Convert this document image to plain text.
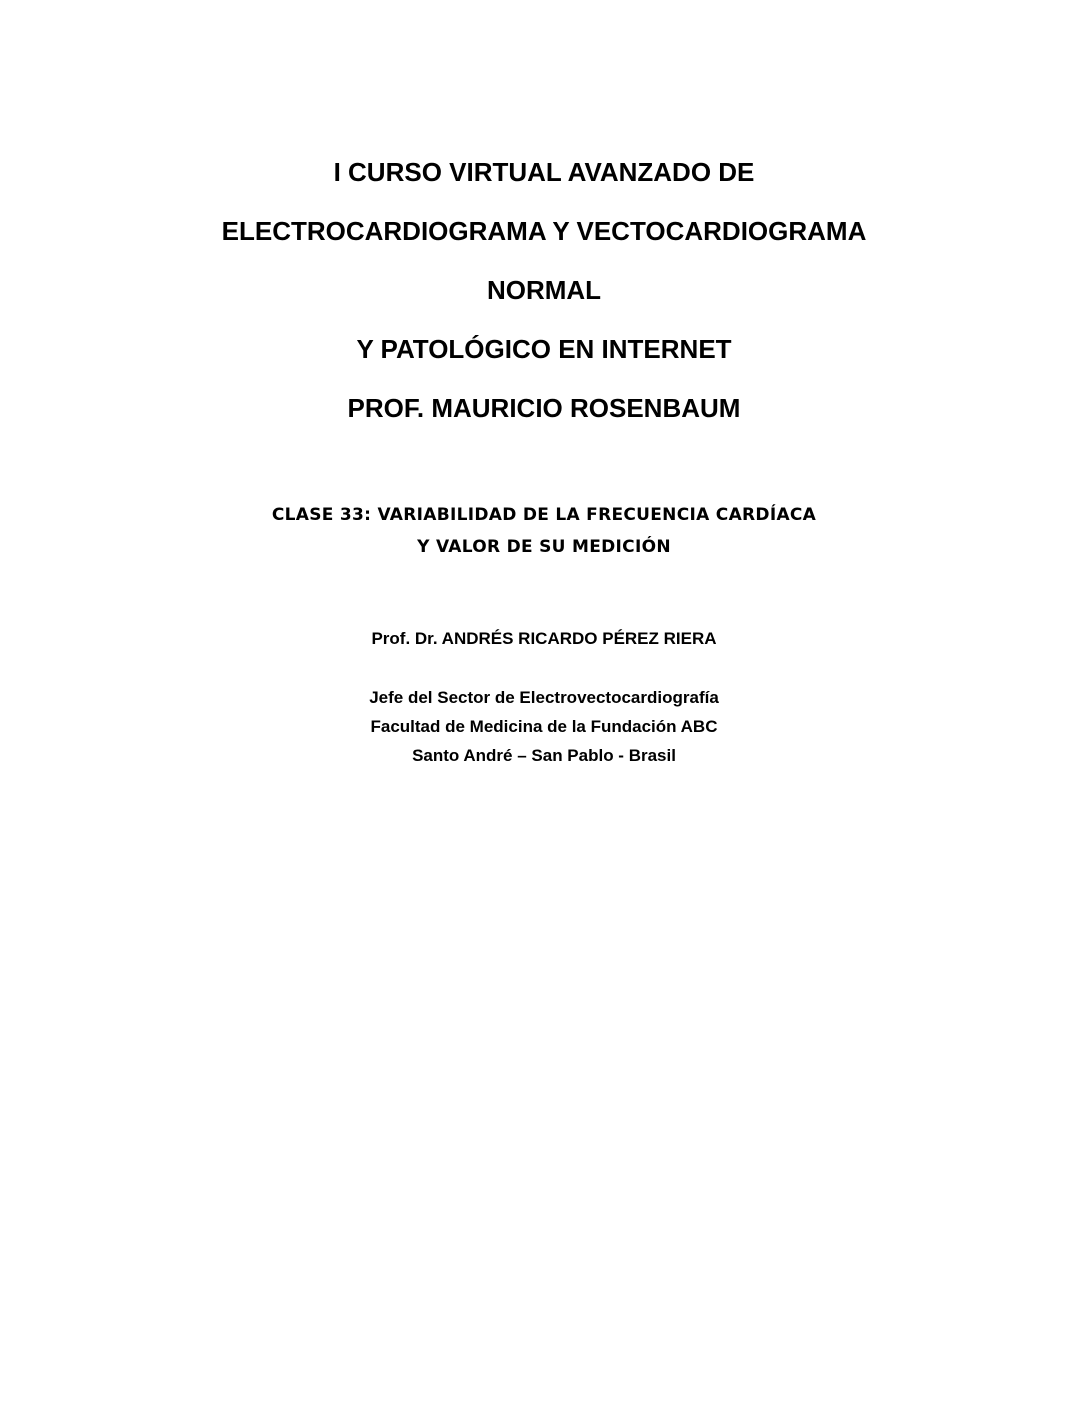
I CURSO VIRTUAL AVANZADO DE
ELECTROCARDIOGRAMA Y VECTOCARDIOGRAMA
NORMAL
Y PATOLÓGICO EN INTERNET
PROF. MAURICIO ROSENBAUM
CLASE 33: VARIABILIDAD DE LA FRECUENCIA CARDÍACA
Y VALOR DE SU MEDICIÓN
Prof. Dr. ANDRÉS RICARDO PÉREZ RIERA
Jefe del Sector de Electrovectocardiografía
Facultad de Medicina de la Fundación ABC
Santo André – San Pablo - Brasil
